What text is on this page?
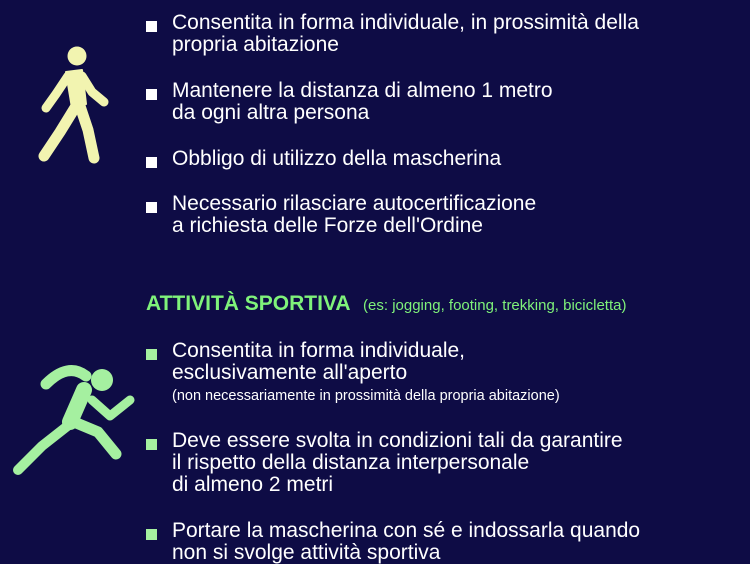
Consentita in forma individuale, in prossimità della
propria abitazione
Mantenere la distanza di almeno 1 metro
da ogni altra persona
Obbligo di utilizzo della mascherina
Necessario rilasciare autocertificazione
a richiesta delle Forze dell'Ordine
ATTIVITÀ SPORTIVA (es: jogging, footing, trekking, bicicletta)
Consentita in forma individuale,
esclusivamente all'aperto
(non necessariamente in prossimità della propria abitazione)
Deve essere svolta in condizioni tali da garantire
il rispetto della distanza interpersonale
di almeno 2 metri
Portare la mascherina con sé e indossarla quando
non si svolge attività sportiva
